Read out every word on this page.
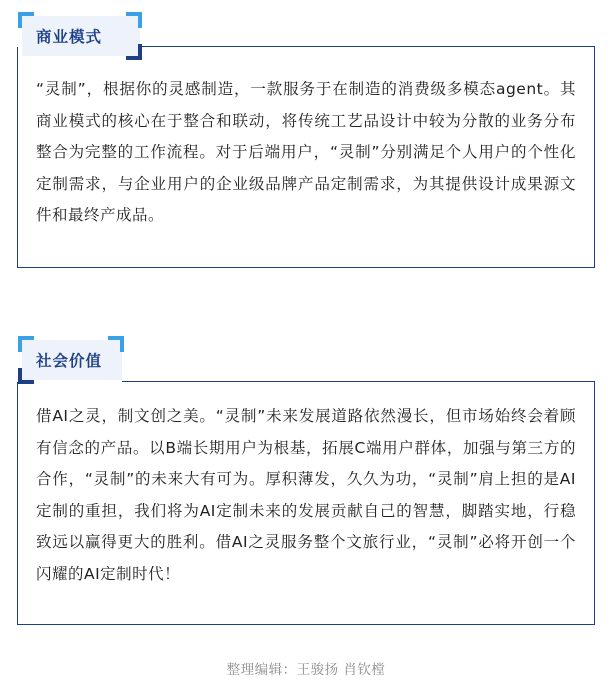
商业模式

“灵制”，根据你的灵感制造，一款服务于在制造的消费级多模态agent。其商业模式的核心在于整合和联动，将传统工艺品设计中较为分散的业务分布整合为完整的工作流程。对于后端用户，“灵制”分别满足个人用户的个性化定制需求，与企业用户的企业级品牌产品定制需求，为其提供设计成果源文件和最终产成品。

社会价值

借AI之灵，制文创之美。“灵制”未来发展道路依然漫长，但市场始终会着顾有信念的产品。以B端长期用户为根基，拓展C端用户群体，加强与第三方的合作，“灵制”的未来大有可为。厚积薄发，久久为功，“灵制”肩上担的是AI定制的重担，我们将为AI定制未来的发展贡献自己的智慧，脚踏实地，行稳致远以赢得更大的胜利。借AI之灵服务整个文旅行业，“灵制”必将开创一个闪耀的AI定制时代！

整理编辑：王骏扬 肖钦樘
